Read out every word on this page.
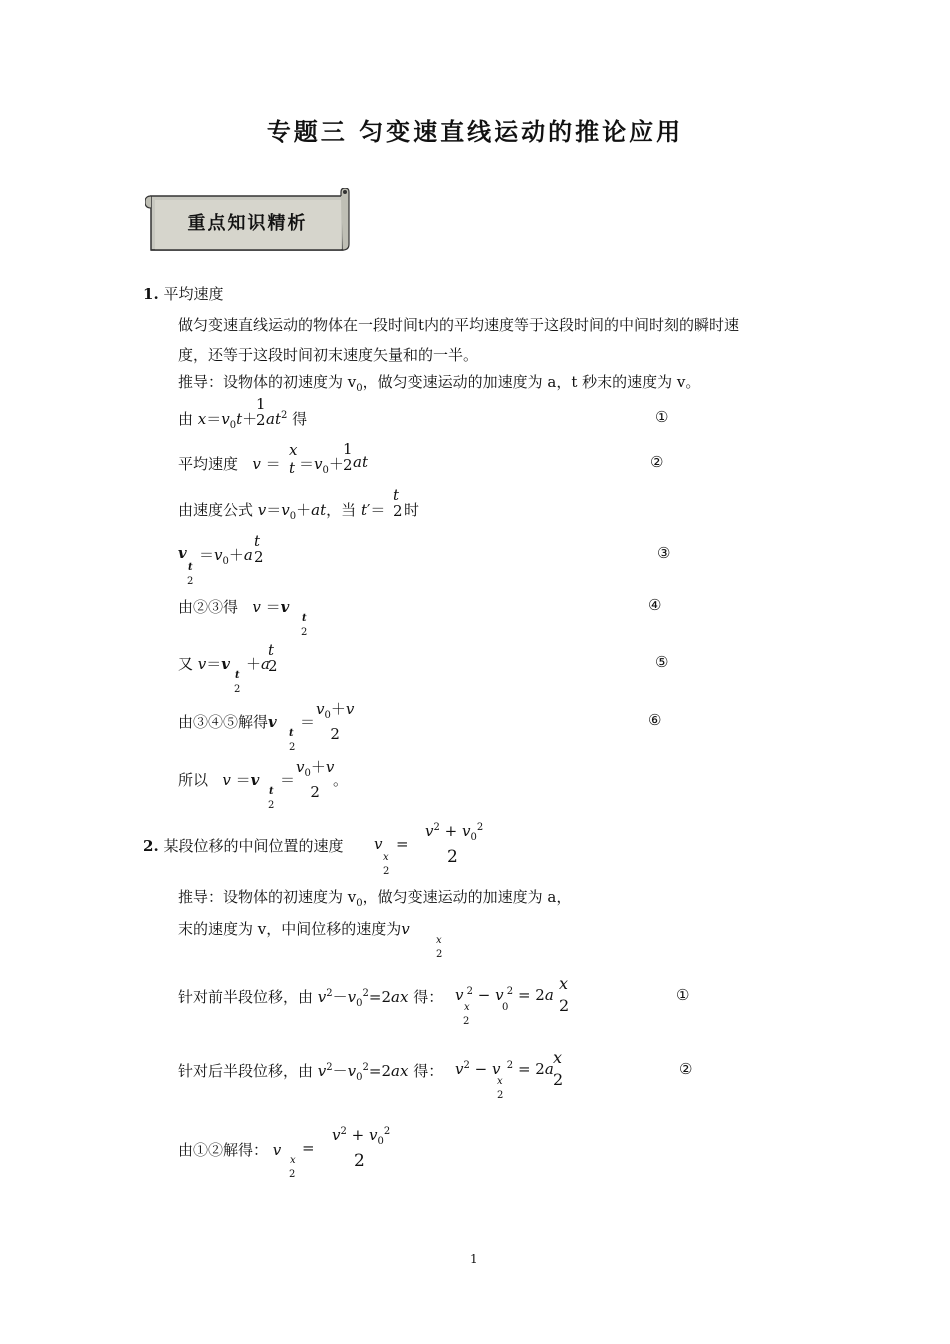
专题三 匀变速直线运动的推论应用
重点知识精析
1. 平均速度
做匀变速直线运动的物体在一段时间t内的平均速度等于这段时间的中间时刻的瞬时速
度，还等于这段时间初末速度矢量和的一半。
推导：设物体的初速度为 $v_0$，做匀变速运动的加速度为 a，t 秒末的速度为 v。
由 $x=v_0t+$
1
2 $at^2$ 得	①
平均速度 v ＝
x
$t =v_0+$
1
2 at	②
由速度公式 $v=v_0+at$，当 t′＝
t
2 时
v
t
2
$=v_0+a$
t
2	③
由②③得 v ＝v
t
2
④
又 v＝v
t
2
＋a
t
2	⑤
由③④⑤解得v
t
2
＝
$v_0+v$
2
⑥
所以 v ＝v
t
2
＝
$v_0+v$
2
。
2. 某段位移的中间位置的速度 v
x
2
=
$v^2 + v_0^2$
2
推导：设物体的初速度为 $v_0$，做匀变速运动的加速度为 a，
末的速度为 v，中间位移的速度为v
x
2
针对前半段位移，由 $v^2-v_0^2=2ax$ 得： v $^2$ − v $^2$ = 2a
x
2
0
x
2
①
针对后半段位移，由 $v^2-v_0^2=2ax$ 得： $v^2 - v$  $^2$ = 2a
x
2
x
2
②
由①②解得： v
x
2
=
$v^2 + v_0^2$
2
1
